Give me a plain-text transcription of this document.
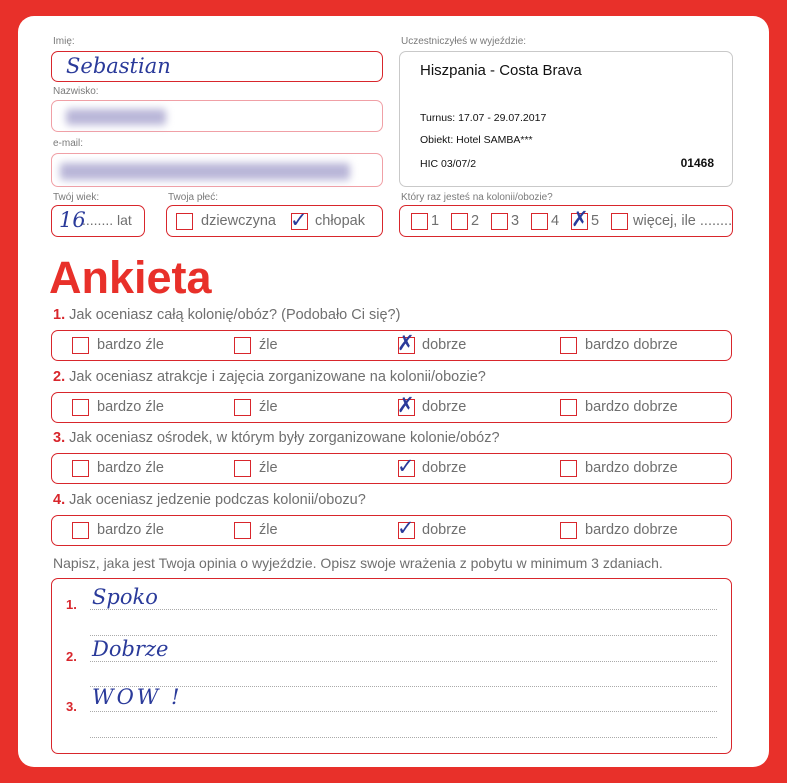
Imię:
Sebastian
Nazwisko:
e-mail:
Twój wiek:
16
........ lat
Twoja płeć:
dziewczyna ✓ chłopak
Uczestniczyłeś w wyjeździe:
Hiszpania - Costa Brava
Turnus: 17.07 - 29.07.2017
Obiekt: Hotel SAMBA***
HIC 03/07/2	01468
Który raz jesteś na kolonii/obozie?
1 2 3 4 ✗ 5 więcej, ile ........
Ankieta
1. Jak oceniasz całą kolonię/obóz? (Podobało Ci się?)
bardzo źle	źle	✗ dobrze	bardzo dobrze
2. Jak oceniasz atrakcje i zajęcia zorganizowane na kolonii/obozie?
bardzo źle	źle	✗ dobrze	bardzo dobrze
3. Jak oceniasz ośrodek, w którym były zorganizowane kolonie/obóz?
bardzo źle	źle	✓ dobrze	bardzo dobrze
4. Jak oceniasz jedzenie podczas kolonii/obozu?
bardzo źle	źle	✓ dobrze	bardzo dobrze
Napisz, jaka jest Twoja opinia o wyjeździe. Opisz swoje wrażenia z pobytu w minimum 3 zdaniach.
1. Spoko
2. Dobrze
3. WOW !
